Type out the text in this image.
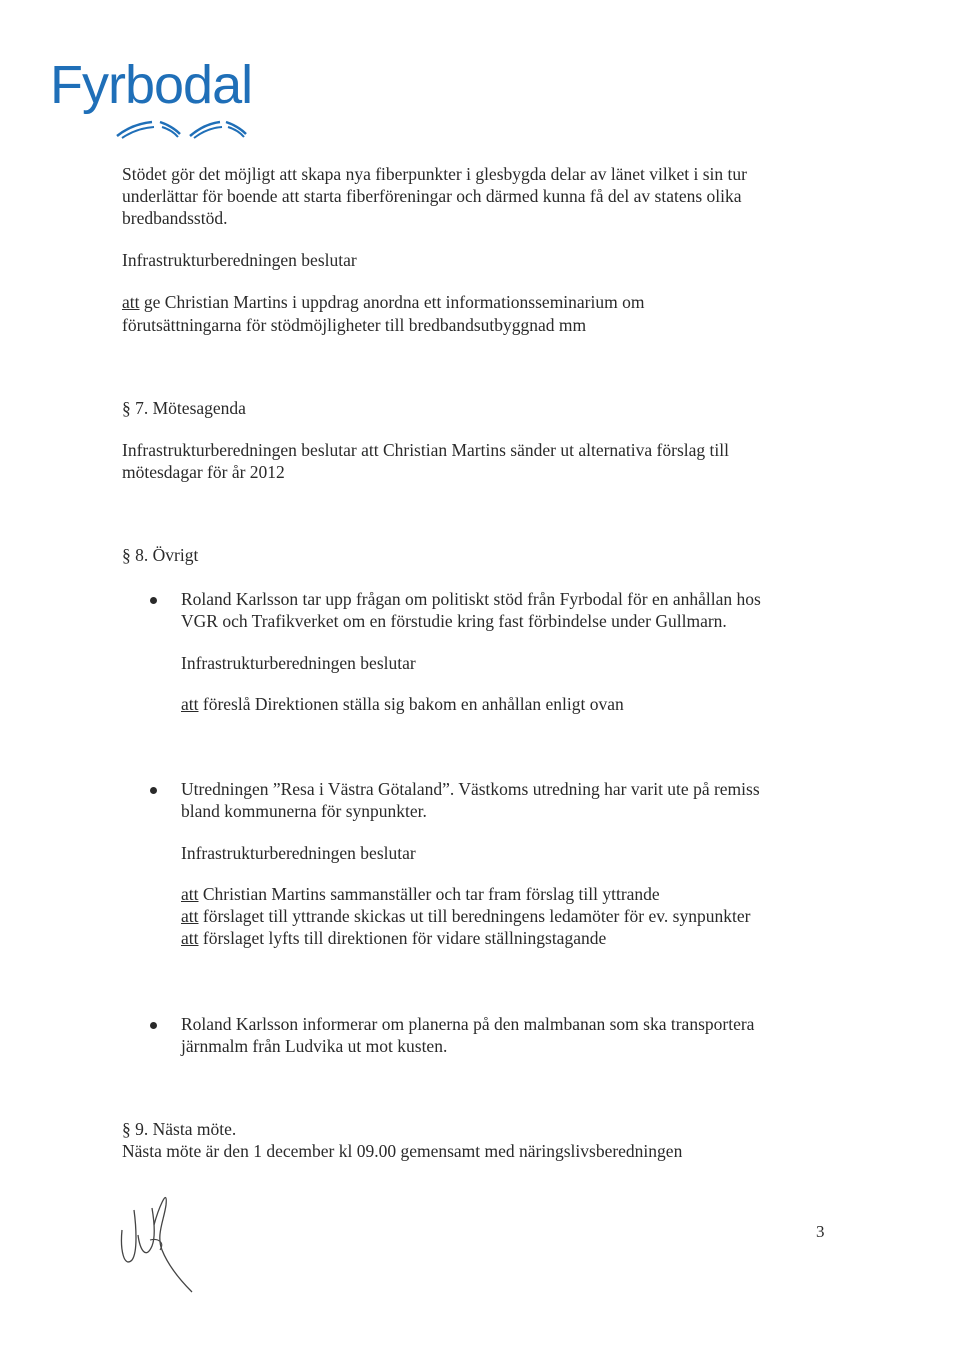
Fyrbodal
Stödet gör det möjligt att skapa nya fiberpunkter i glesbygda delar av länet vilket i sin tur
underlättar för boende att starta fiberföreningar och därmed kunna få del av statens olika
bredbandsstöd.
Infrastrukturberedningen beslutar
att ge Christian Martins i uppdrag anordna ett informationsseminarium om
förutsättningarna för stödmöjligheter till bredbandsutbyggnad mm
§ 7. Mötesagenda
Infrastrukturberedningen beslutar att Christian Martins sänder ut alternativa förslag till
mötesdagar för år 2012
§ 8. Övrigt
Roland Karlsson tar upp frågan om politiskt stöd från Fyrbodal för en anhållan hos
VGR och Trafikverket om en förstudie kring fast förbindelse under Gullmarn.
Infrastrukturberedningen beslutar
att föreslå Direktionen ställa sig bakom en anhållan enligt ovan
Utredningen ”Resa i Västra Götaland”. Västkoms utredning har varit ute på remiss
bland kommunerna för synpunkter.
Infrastrukturberedningen beslutar
att Christian Martins sammanställer och tar fram förslag till yttrande
att förslaget till yttrande skickas ut till beredningens ledamöter för ev. synpunkter
att förslaget lyfts till direktionen för vidare ställningstagande
Roland Karlsson informerar om planerna på den malmbanan som ska transportera
järnmalm från Ludvika ut mot kusten.
§ 9. Nästa möte.
Nästa möte är den 1 december kl 09.00 gemensamt med näringslivsberedningen
3
